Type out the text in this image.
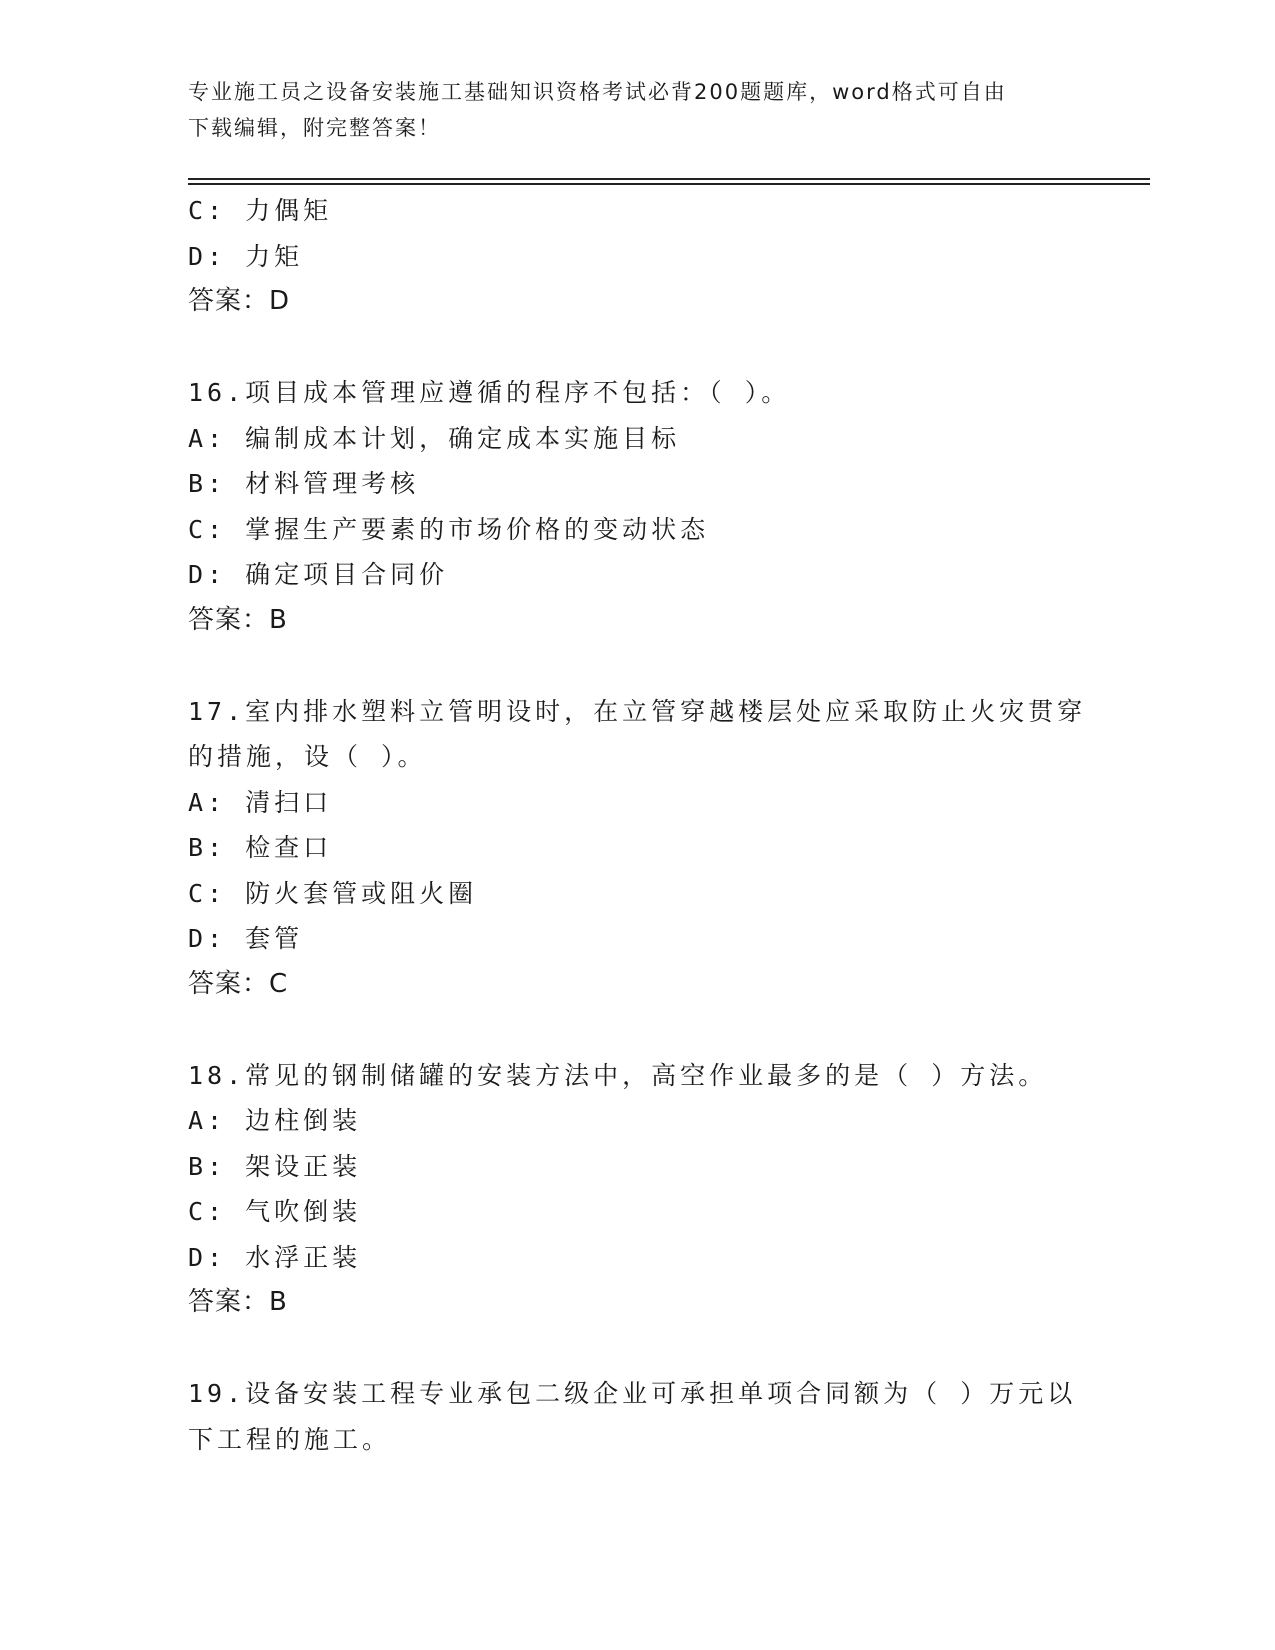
专业施工员之设备安装施工基础知识资格考试必背200题题库，word格式可自由
下载编辑，附完整答案！
C: 力偶矩
D: 力矩
答案：D
16.项目成本管理应遵循的程序不包括：（ ）。
A: 编制成本计划，确定成本实施目标
B: 材料管理考核
C: 掌握生产要素的市场价格的变动状态
D: 确定项目合同价
答案：B
17.室内排水塑料立管明设时，在立管穿越楼层处应采取防止火灾贯穿
的措施，设（ ）。
A: 清扫口
B: 检查口
C: 防火套管或阻火圈
D: 套管
答案：C
18.常见的钢制储罐的安装方法中，高空作业最多的是（ ）方法。
A: 边柱倒装
B: 架设正装
C: 气吹倒装
D: 水浮正装
答案：B
19.设备安装工程专业承包二级企业可承担单项合同额为（ ）万元以
下工程的施工。
